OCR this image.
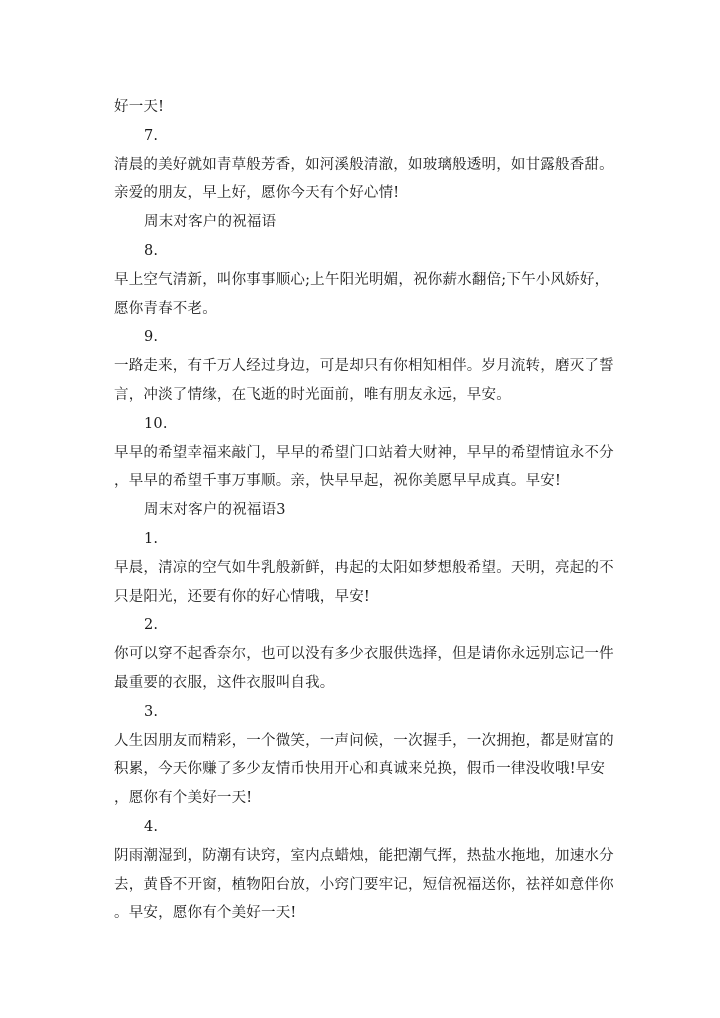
好一天!
7.
清晨的美好就如青草般芳香，如河溪般清澈，如玻璃般透明，如甘露般香甜。
亲爱的朋友，早上好，愿你今天有个好心情!
周末对客户的祝福语
8.
早上空气清新，叫你事事顺心;上午阳光明媚，祝你薪水翻倍;下午小风娇好，
愿你青春不老。
9.
一路走来，有千万人经过身边，可是却只有你相知相伴。岁月流转，磨灭了誓
言，冲淡了情缘，在飞逝的时光面前，唯有朋友永远，早安。
10.
早早的希望幸福来敲门，早早的希望门口站着大财神，早早的希望情谊永不分
，早早的希望千事万事顺。亲，快早早起，祝你美愿早早成真。早安!
周末对客户的祝福语3
1.
早晨，清凉的空气如牛乳般新鲜，冉起的太阳如梦想般希望。天明，亮起的不
只是阳光，还要有你的好心情哦，早安!
2.
你可以穿不起香奈尔，也可以没有多少衣服供选择，但是请你永远别忘记一件
最重要的衣服，这件衣服叫自我。
3.
人生因朋友而精彩，一个微笑，一声问候，一次握手，一次拥抱，都是财富的
积累，今天你赚了多少友情币快用开心和真诚来兑换，假币一律没收哦!早安
，愿你有个美好一天!
4.
阴雨潮湿到，防潮有诀窍，室内点蜡烛，能把潮气挥，热盐水拖地，加速水分
去，黄昏不开窗，植物阳台放，小窍门要牢记，短信祝福送你，祛祥如意伴你
。早安，愿你有个美好一天!
